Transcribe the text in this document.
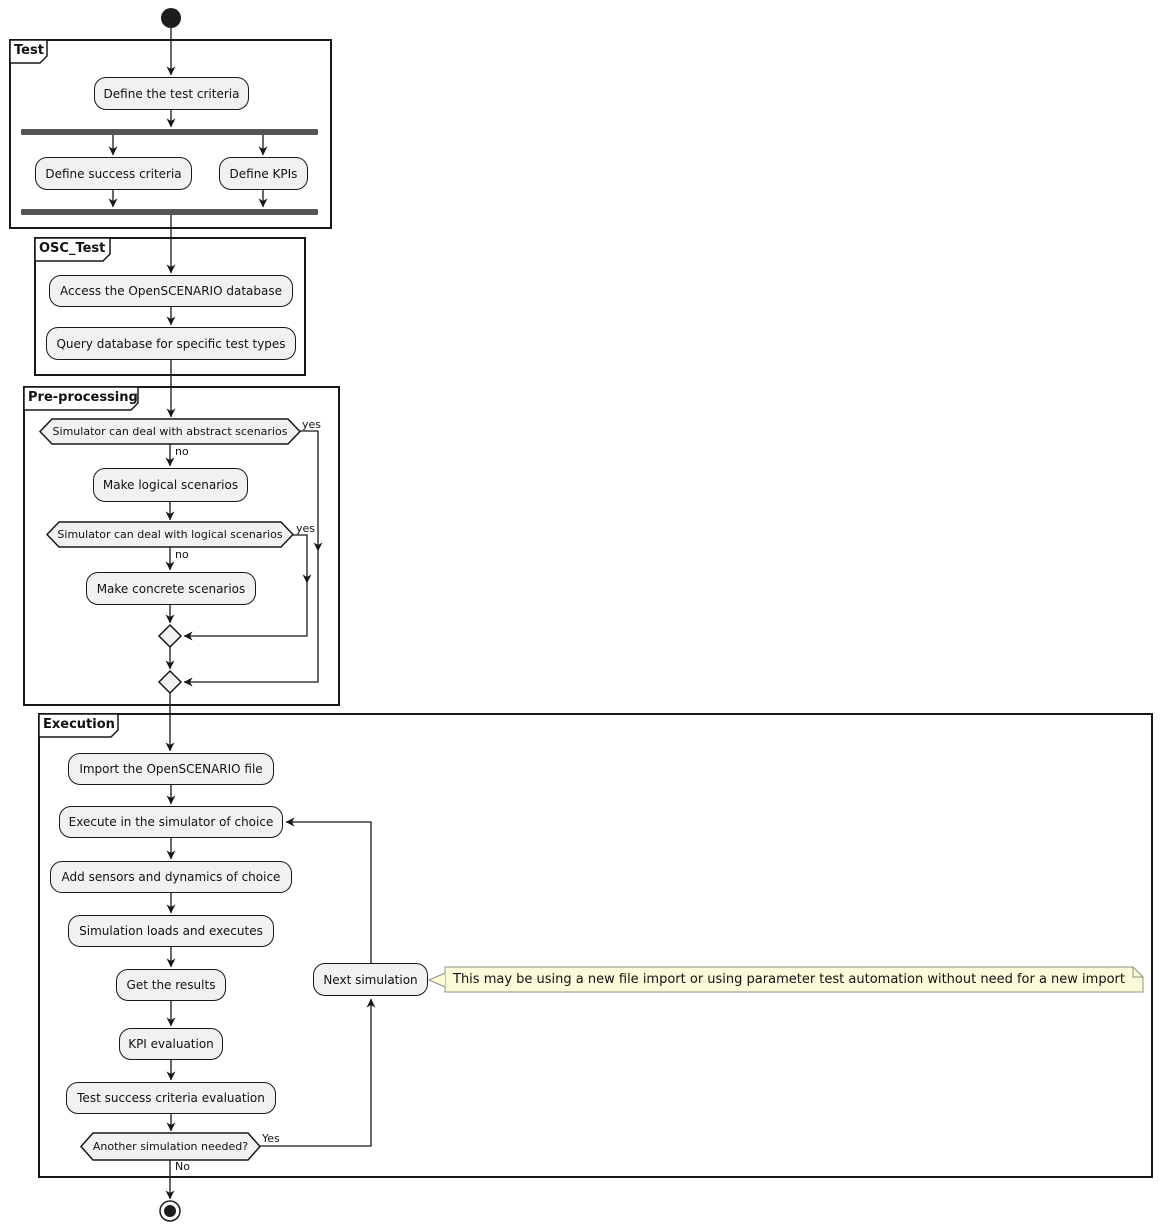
Test
OSC_Test
Pre-processing
Execution
Define the test criteria
Define success criteria	Define KPIs
Access the OpenSCENARIO database
Query database for specific test types
Make logical scenarios
Make concrete scenarios
Import the OpenSCENARIO file
Execute in the simulator of choice
Add sensors and dynamics of choice
Simulation loads and executes
Get the results
KPI evaluation
Test success criteria evaluation
Next simulation
Simulator can deal with abstract scenarios
Simulator can deal with logical scenarios
Another simulation needed?
yes
no
yes
no
Yes
No
This may be using a new file import or using parameter test automation without need for a new import
